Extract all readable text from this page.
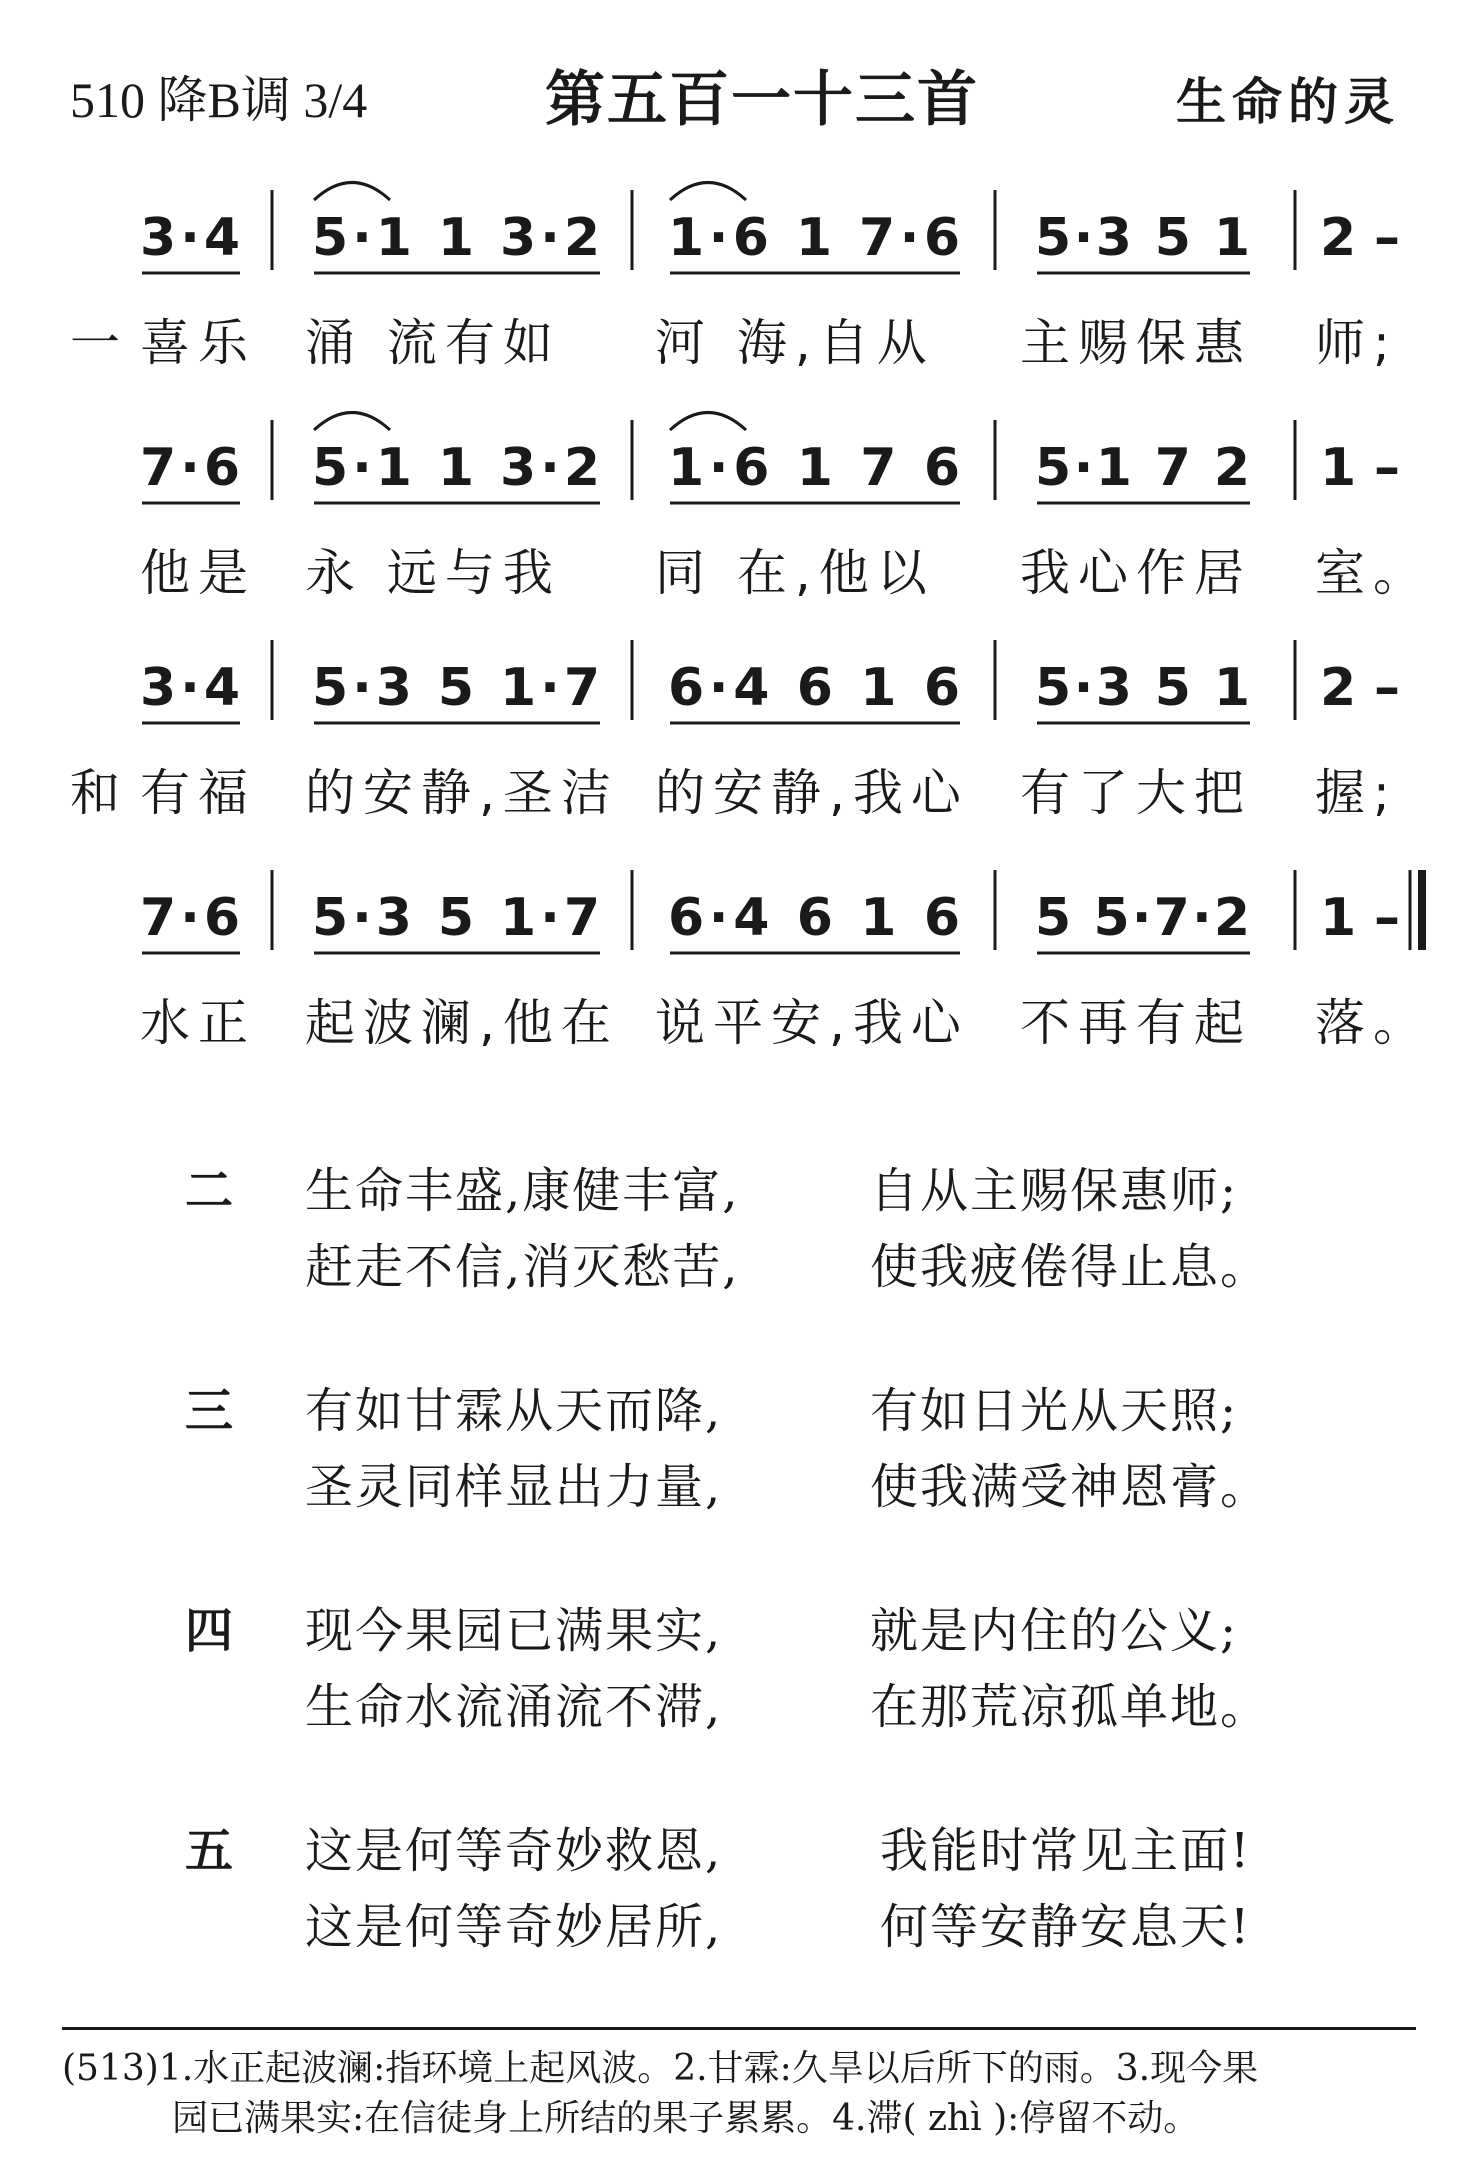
510 降B调 3/4	第五百一十三首	生命的灵
3·4 5·1 1 3·2 1·6 1 7·6 5·3 5 1 2 –
一 喜乐 涌 流有如 河 海,自从 主赐保惠 师;
7·6 5·1 1 3·2 1·6 1 7 6 5·1 7 2 1 –
他是 永 远与我 同 在,他以 我心作居 室。
3·4 5·3 5 1·7 6·4 6 1 6 5·3 5 1 2 –
和 有福 的安静,圣洁 的安静,我心 有了大把 握;
7·6 5·3 5 1·7 6·4 6 1 6 5 5·7·2 1 –
水正 起波澜,他在 说平安,我心 不再有起 落。
二 生命丰盛,康健丰富,	自从主赐保惠师;
赶走不信,消灭愁苦,	使我疲倦得止息。
三 有如甘霖从天而降,	有如日光从天照;
圣灵同样显出力量,	使我满受神恩膏。
四 现今果园已满果实,	就是内住的公义;
生命水流涌流不滞,	在那荒凉孤单地。
五 这是何等奇妙救恩,	我能时常见主面!
这是何等奇妙居所,	何等安静安息天!
(513)1.水正起波澜:指环境上起风波。2.甘霖:久旱以后所下的雨。3.现今果
园已满果实:在信徒身上所结的果子累累。4.滞( zhì ):停留不动。
